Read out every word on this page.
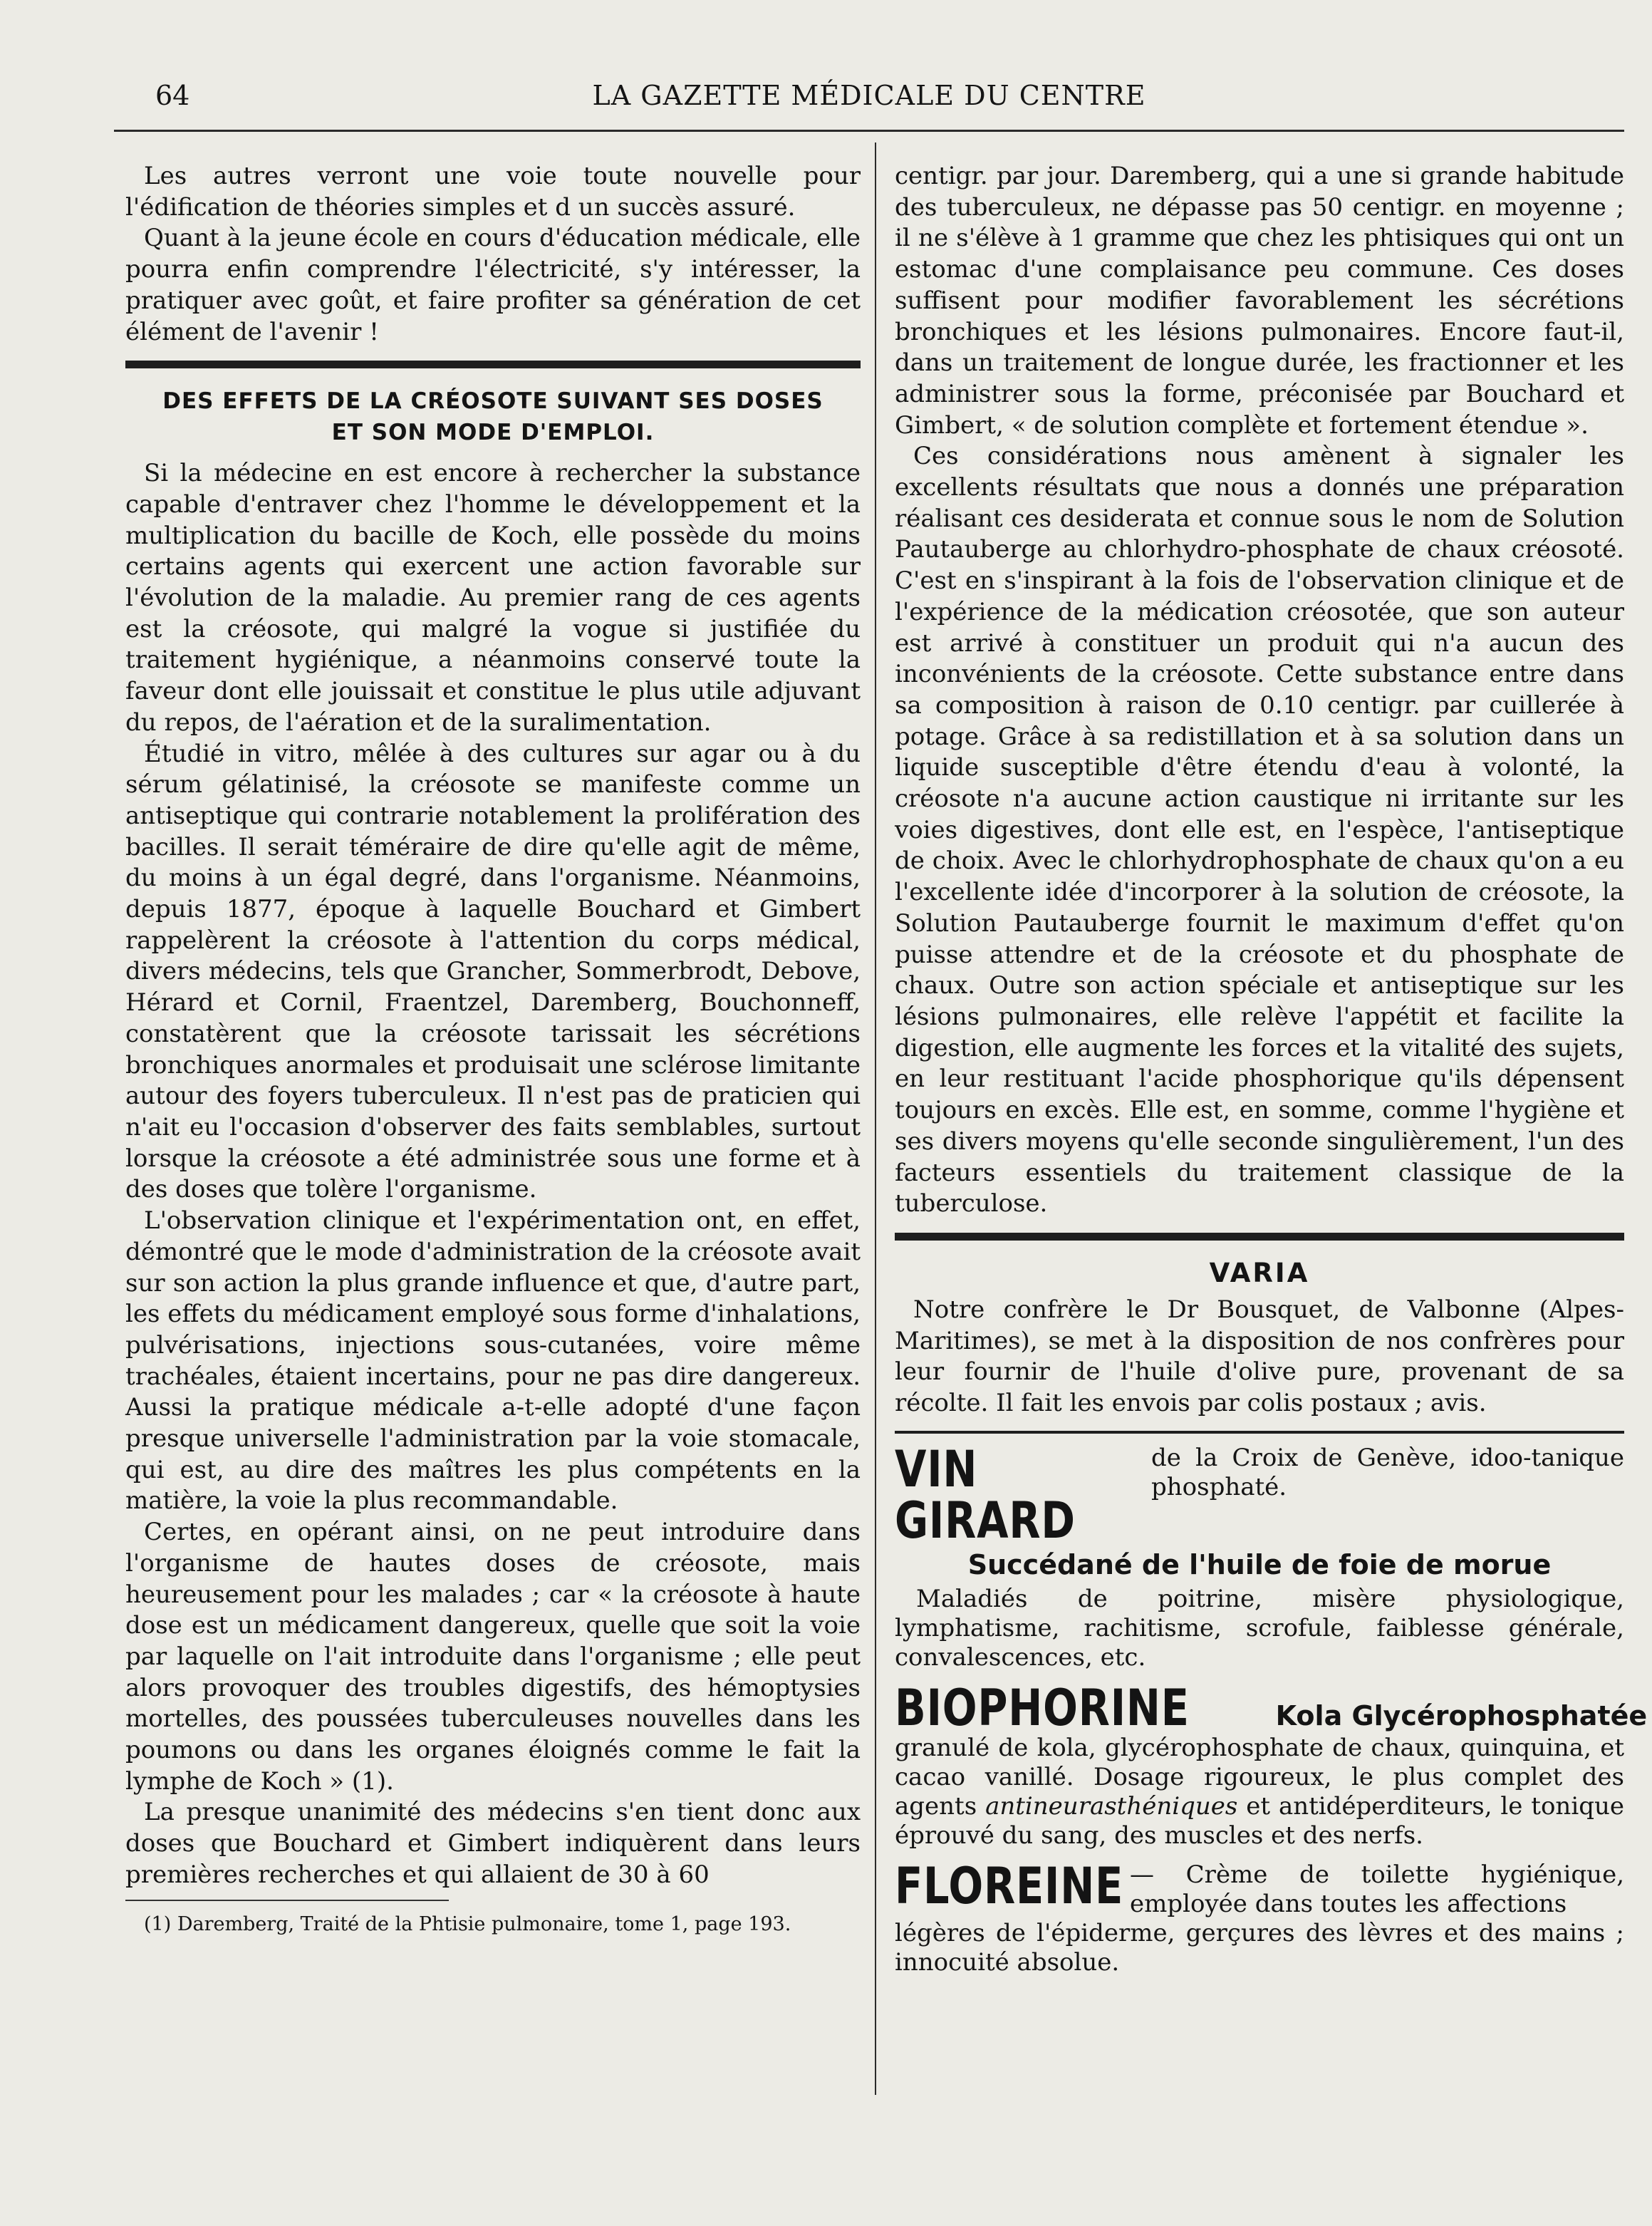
64	LA GAZETTE MÉDICALE DU CENTRE

Les autres verront une voie toute nouvelle pour l'édification de théories simples et d un succès assuré.

Quant à la jeune école en cours d'éducation médicale, elle pourra enfin comprendre l'électricité, s'y intéresser, la pratiquer avec goût, et faire profiter sa génération de cet élément de l'avenir !

DES EFFETS DE LA CRÉOSOTE SUIVANT SES DOSES ET SON MODE D'EMPLOI.

Si la médecine en est encore à rechercher la substance capable d'entraver chez l'homme le développement et la multiplication du bacille de Koch, elle possède du moins certains agents qui exercent une action favorable sur l'évolution de la maladie. Au premier rang de ces agents est la créosote, qui malgré la vogue si justifiée du traitement hygiénique, a néanmoins conservé toute la faveur dont elle jouissait et constitue le plus utile adjuvant du repos, de l'aération et de la suralimentation.

Étudié in vitro, mêlée à des cultures sur agar ou à du sérum gélatinisé, la créosote se manifeste comme un antiseptique qui contrarie notablement la prolifération des bacilles. Il serait téméraire de dire qu'elle agit de même, du moins à un égal degré, dans l'organisme. Néanmoins, depuis 1877, époque à laquelle Bouchard et Gimbert rappelèrent la créosote à l'attention du corps médical, divers médecins, tels que Grancher, Sommerbrodt, Debove, Hérard et Cornil, Fraentzel, Daremberg, Bouchonneff, constatèrent que la créosote tarissait les sécrétions bronchiques anormales et produisait une sclérose limitante autour des foyers tuberculeux. Il n'est pas de praticien qui n'ait eu l'occasion d'observer des faits semblables, surtout lorsque la créosote a été administrée sous une forme et à des doses que tolère l'organisme.

L'observation clinique et l'expérimentation ont, en effet, démontré que le mode d'administration de la créosote avait sur son action la plus grande influence et que, d'autre part, les effets du médicament employé sous forme d'inhalations, pulvérisations, injections sous-cutanées, voire même trachéales, étaient incertains, pour ne pas dire dangereux. Aussi la pratique médicale a-t-elle adopté d'une façon presque universelle l'administration par la voie stomacale, qui est, au dire des maîtres les plus compétents en la matière, la voie la plus recommandable.

Certes, en opérant ainsi, on ne peut introduire dans l'organisme de hautes doses de créosote, mais heureusement pour les malades ; car « la créosote à haute dose est un médicament dangereux, quelle que soit la voie par laquelle on l'ait introduite dans l'organisme ; elle peut alors provoquer des troubles digestifs, des hémoptysies mortelles, des poussées tuberculeuses nouvelles dans les poumons ou dans les organes éloignés comme le fait la lymphe de Koch » (1).

La presque unanimité des médecins s'en tient donc aux doses que Bouchard et Gimbert indiquèrent dans leurs premières recherches et qui allaient de 30 à 60

(1) Daremberg, Traité de la Phtisie pulmonaire, tome 1, page 193.

centigr. par jour. Daremberg, qui a une si grande habitude des tuberculeux, ne dépasse pas 50 centigr. en moyenne ; il ne s'élève à 1 gramme que chez les phtisiques qui ont un estomac d'une complaisance peu commune. Ces doses suffisent pour modifier favorablement les sécrétions bronchiques et les lésions pulmonaires. Encore faut-il, dans un traitement de longue durée, les fractionner et les administrer sous la forme, préconisée par Bouchard et Gimbert, « de solution complète et fortement étendue ».

Ces considérations nous amènent à signaler les excellents résultats que nous a donnés une préparation réalisant ces desiderata et connue sous le nom de Solution Pautauberge au chlorhydro-phosphate de chaux créosoté. C'est en s'inspirant à la fois de l'observation clinique et de l'expérience de la médication créosotée, que son auteur est arrivé à constituer un produit qui n'a aucun des inconvénients de la créosote. Cette substance entre dans sa composition à raison de 0.10 centigr. par cuillerée à potage. Grâce à sa redistillation et à sa solution dans un liquide susceptible d'être étendu d'eau à volonté, la créosote n'a aucune action caustique ni irritante sur les voies digestives, dont elle est, en l'espèce, l'antiseptique de choix. Avec le chlorhydrophosphate de chaux qu'on a eu l'excellente idée d'incorporer à la solution de créosote, la Solution Pautauberge fournit le maximum d'effet qu'on puisse attendre et de la créosote et du phosphate de chaux. Outre son action spéciale et antiseptique sur les lésions pulmonaires, elle relève l'appétit et facilite la digestion, elle augmente les forces et la vitalité des sujets, en leur restituant l'acide phosphorique qu'ils dépensent toujours en excès. Elle est, en somme, comme l'hygiène et ses divers moyens qu'elle seconde singulièrement, l'un des facteurs essentiels du traitement classique de la tuberculose.

VARIA

Notre confrère le Dr Bousquet, de Valbonne (Alpes-Maritimes), se met à la disposition de nos confrères pour leur fournir de l'huile d'olive pure, provenant de sa récolte. Il fait les envois par colis postaux ; avis.

VIN GIRARD
de la Croix de Genève, idoo-tanique phosphaté.
Succédané de l'huile de foie de morue
Maladiés de poitrine, misère physiologique, lymphatisme, rachitisme, scrofule, faiblesse générale, convalescences, etc.
BIOPHORINE	Kola Glycérophosphatée
granulé de kola, glycérophosphate de chaux, quinquina, et cacao vanillé. Dosage rigoureux, le plus complet des agents antineurasthéniques et antidéperditeurs, le tonique éprouvé du sang, des muscles et des nerfs.
FLOREINE — Crème de toilette hygiénique, employée dans toutes les affections
légères de l'épiderme, gerçures des lèvres et des mains ; innocuité absolue.
